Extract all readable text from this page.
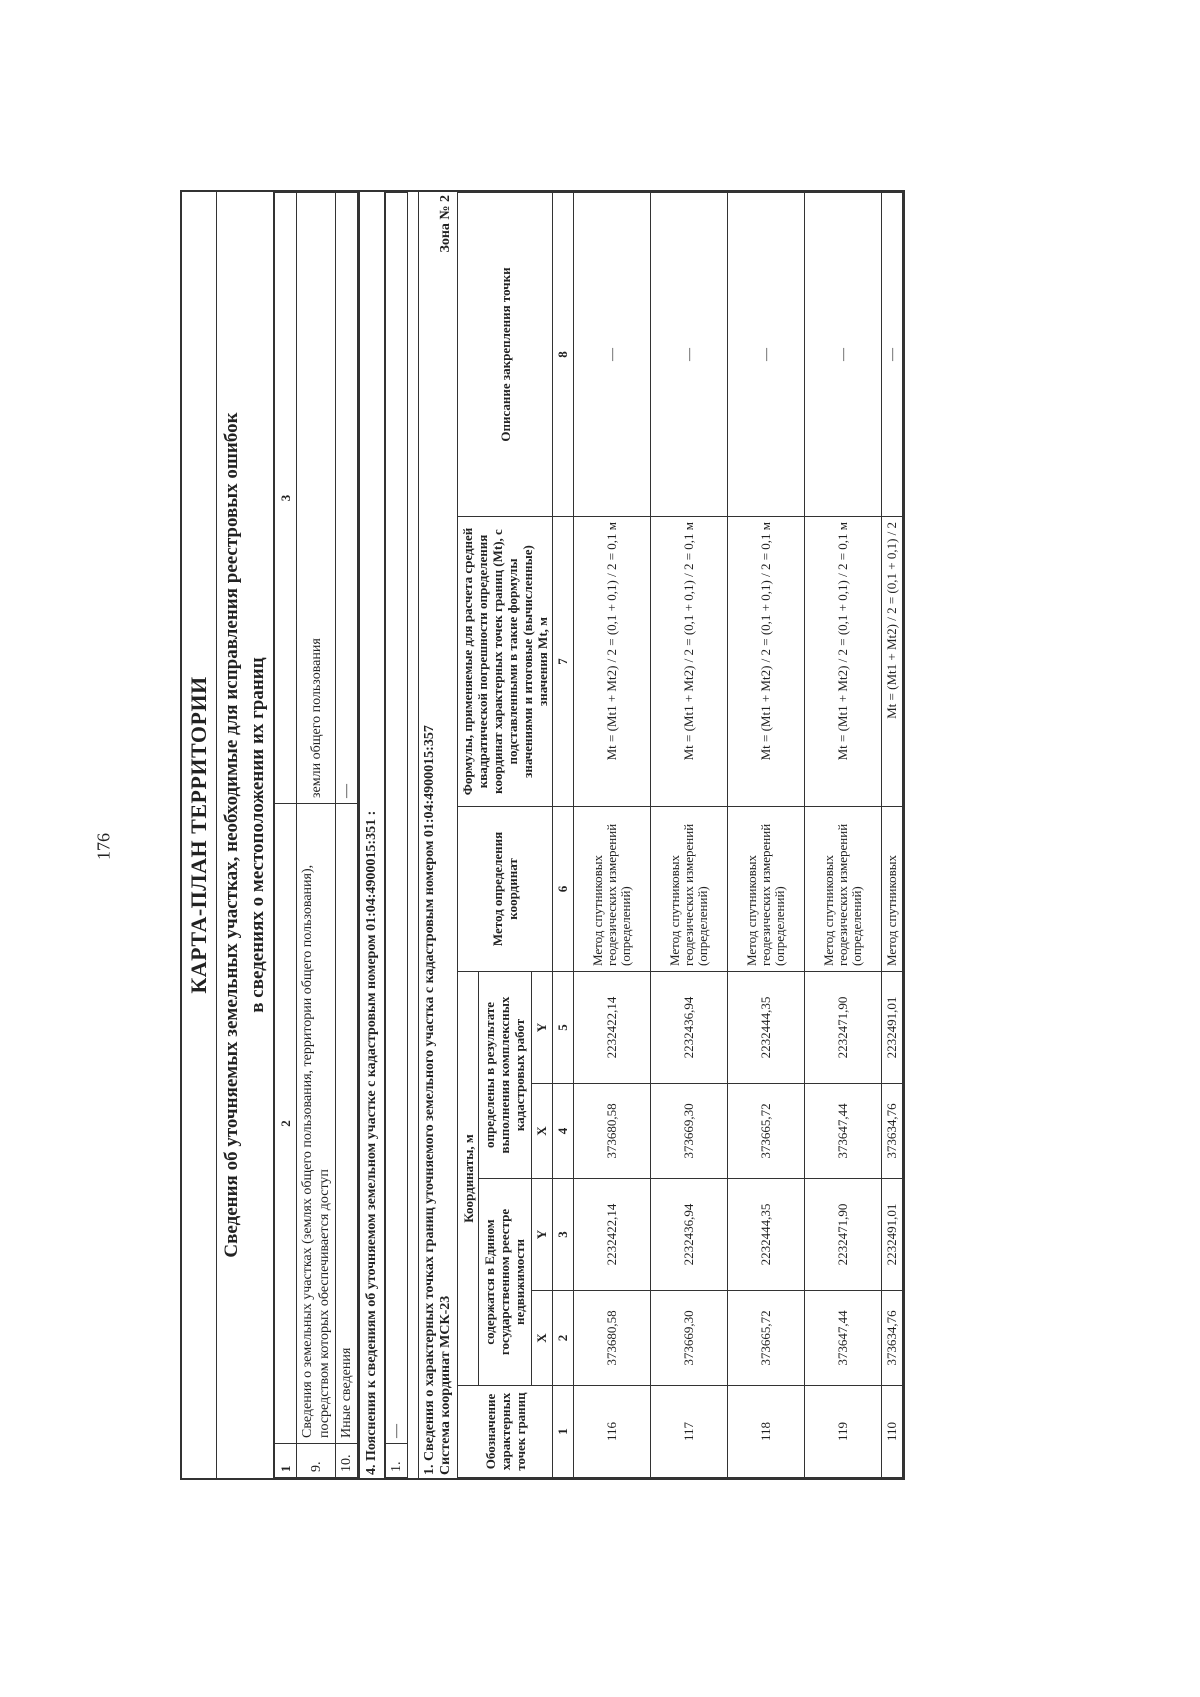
176	КАРТА-ПЛАН ТЕРРИТОРИИ Сведения об уточняемых земельных участках, необходимые для исправления реестровых ошибок в сведениях о местоположении их границ
1	2	3
9.	Сведения о земельных участках (землях общего пользования, территории общего пользования), посредством которых обеспечивается доступ	земли общего пользования
10.	Иные сведения	—
4. Пояснения к сведениям об уточняемом земельном участке с кадастровым номером 01:04:4900015:351 : 1.	— 1. Сведения о характерных точках границ уточняемого земельного участка с кадастровым номером 01:04:4900015:357 Система координат МСК-23
Зона № 2
Обозначение характерных точек границ	Координаты, м				Метод определения координат	Формулы, применяемые для расчета средней квадратической погрешности определения координат характерных точек границ (Mt), с подставленными в такие формулы значениями и итоговые (вычисленные) значения Mt, м	Описание закрепления точки
	содержатся в Едином государственном реестре недвижимости		определены в результате выполнения комплексных кадастровых работ				
	X	Y	X	Y			
1	2	3	4	5	6	7	8
116	373680,58	2232422,14	373680,58	2232422,14	Метод спутниковых геодезических измерений (определений)	Mt = (Mt1 + Mt2) / 2 = (0,1 + 0,1) / 2 = 0,1 м	—
117	373669,30	2232436,94	373669,30	2232436,94	Метод спутниковых геодезических измерений (определений)	Mt = (Mt1 + Mt2) / 2 = (0,1 + 0,1) / 2 = 0,1 м	—
118	373665,72	2232444,35	373665,72	2232444,35	Метод спутниковых геодезических измерений (определений)	Mt = (Mt1 + Mt2) / 2 = (0,1 + 0,1) / 2 = 0,1 м	—
119	373647,44	2232471,90	373647,44	2232471,90	Метод спутниковых геодезических измерений (определений)	Mt = (Mt1 + Mt2) / 2 = (0,1 + 0,1) / 2 = 0,1 м	—
110	373634,76	2232491,01	373634,76	2232491,01	Метод спутниковых	Mt = (Mt1 + Mt2) / 2 = (0,1 + 0,1) / 2	—
